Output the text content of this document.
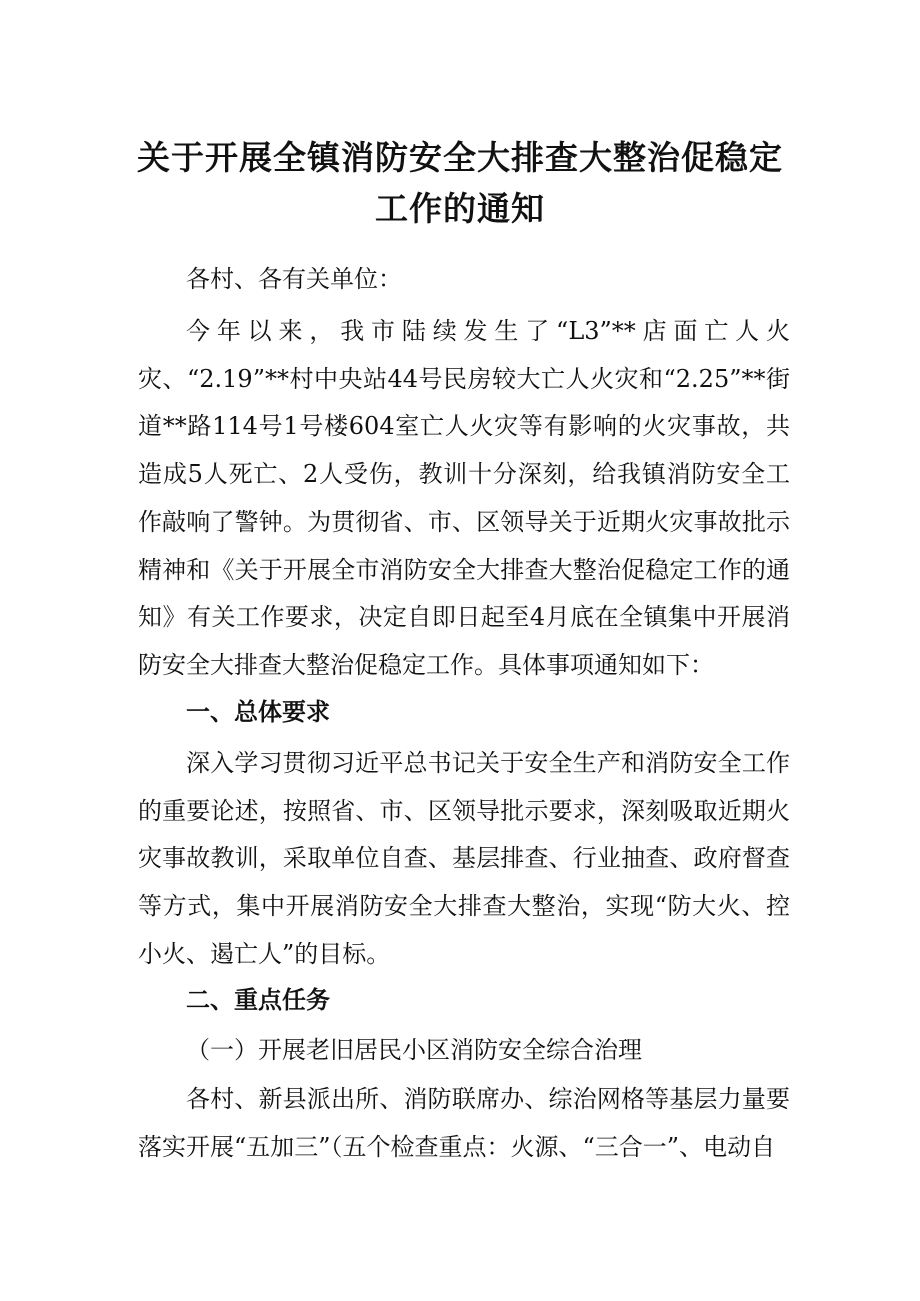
关于开展全镇消防安全大排查大整治促稳定
工作的通知

各村、各有关单位：

今年以来，我市陆续发生了“L3”**店面亡人火灾、“2.19”**村中央站44号民房较大亡人火灾和“2.25”**街道**路114号1号楼604室亡人火灾等有影响的火灾事故，共造成5人死亡、2人受伤，教训十分深刻，给我镇消防安全工作敲响了警钟。为贯彻省、市、区领导关于近期火灾事故批示精神和《关于开展全市消防安全大排查大整治促稳定工作的通知》有关工作要求，决定自即日起至4月底在全镇集中开展消防安全大排查大整治促稳定工作。具体事项通知如下：

一、总体要求

深入学习贯彻习近平总书记关于安全生产和消防安全工作的重要论述，按照省、市、区领导批示要求，深刻吸取近期火灾事故教训，采取单位自查、基层排查、行业抽查、政府督查等方式，集中开展消防安全大排查大整治，实现“防大火、控小火、遏亡人”的目标。

二、重点任务

（一）开展老旧居民小区消防安全综合治理

各村、新县派出所、消防联席办、综治网格等基层力量要落实开展“五加三”（五个检查重点：火源、“三合一”、电动自
